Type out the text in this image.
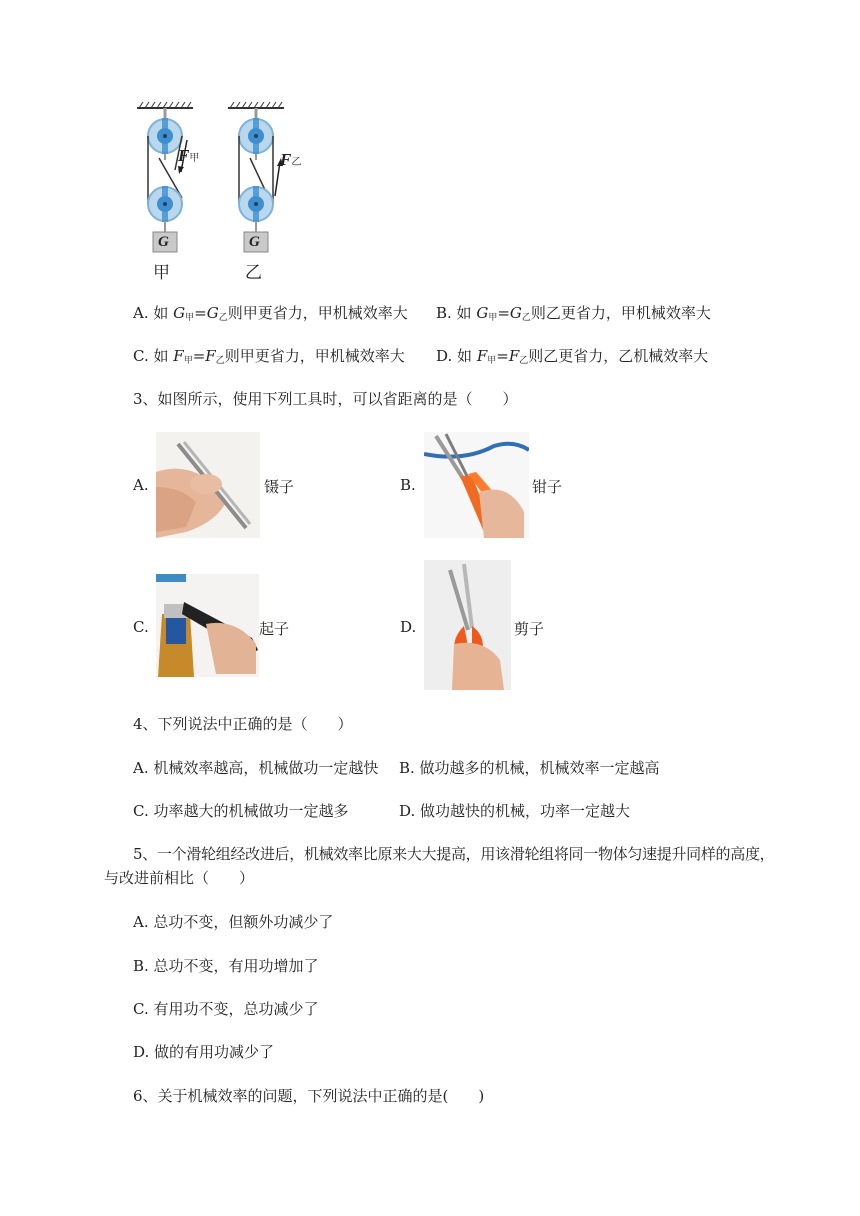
F甲	F乙
G	G
甲	乙
A. 如 $G_甲=G_乙$则甲更省力，甲机械效率大 B. 如 $G_甲=G_乙$则乙更省力，甲机械效率大
C. 如 $F_甲=F_乙$则甲更省力，甲机械效率大 D. 如 $F_甲=F_乙$则乙更省力，乙机械效率大
3、如图所示，使用下列工具时，可以省距离的是（　　）
A.	镊子	B.	钳子
C.	起子	D.	剪子
4、下列说法中正确的是（　　）
A. 机械效率越高，机械做功一定越快 B. 做功越多的机械，机械效率一定越高
C. 功率越大的机械做功一定越多	D. 做功越快的机械，功率一定越大
5、一个滑轮组经改进后，机械效率比原来大大提高，用该滑轮组将同一物体匀速提升同样的高度，
与改进前相比（　　）
A. 总功不变，但额外功减少了
B. 总功不变，有用功增加了
C. 有用功不变，总功减少了
D. 做的有用功减少了
6、关于机械效率的问题，下列说法中正确的是(　　)
